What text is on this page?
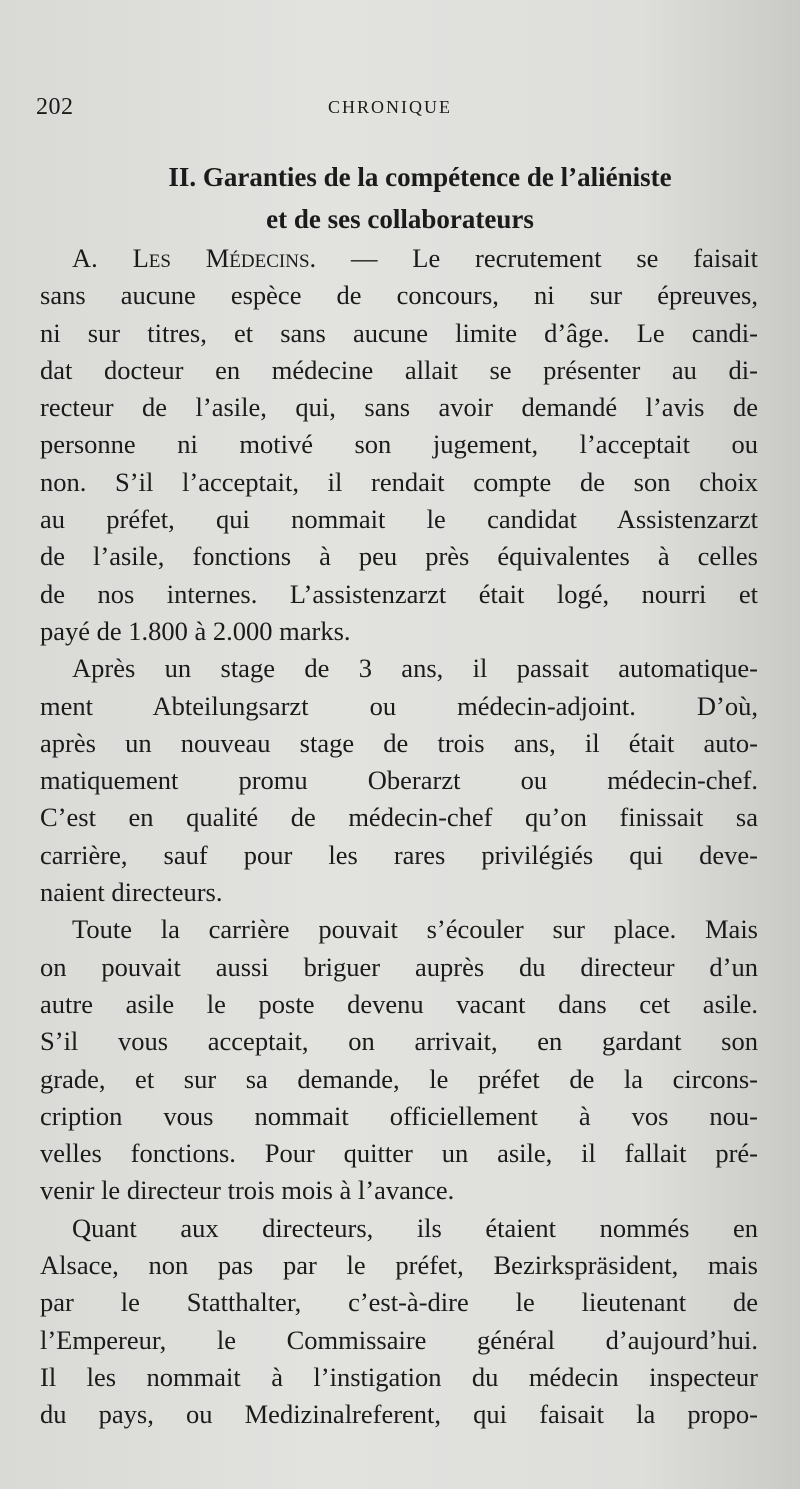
202	CHRONIQUE
II. Garanties de la compétence de l’aliéniste
et de ses collaborateurs
A. Les Médecins. — Le recrutement se faisait
sans aucune espèce de concours, ni sur épreuves,
ni sur titres, et sans aucune limite d’âge. Le candi-
dat docteur en médecine allait se présenter au di-
recteur de l’asile, qui, sans avoir demandé l’avis de
personne ni motivé son jugement, l’acceptait ou
non. S’il l’acceptait, il rendait compte de son choix
au préfet, qui nommait le candidat Assistenzarzt
de l’asile, fonctions à peu près équivalentes à celles
de nos internes. L’assistenzarzt était logé, nourri et
payé de 1.800 à 2.000 marks.
Après un stage de 3 ans, il passait automatique-
ment Abteilungsarzt ou médecin-adjoint. D’où,
après un nouveau stage de trois ans, il était auto-
matiquement promu Oberarzt ou médecin-chef.
C’est en qualité de médecin-chef qu’on finissait sa
carrière, sauf pour les rares privilégiés qui deve-
naient directeurs.
Toute la carrière pouvait s’écouler sur place. Mais
on pouvait aussi briguer auprès du directeur d’un
autre asile le poste devenu vacant dans cet asile.
S’il vous acceptait, on arrivait, en gardant son
grade, et sur sa demande, le préfet de la circons-
cription vous nommait officiellement à vos nou-
velles fonctions. Pour quitter un asile, il fallait pré-
venir le directeur trois mois à l’avance.
Quant aux directeurs, ils étaient nommés en
Alsace, non pas par le préfet, Bezirkspräsident, mais
par le Statthalter, c’est-à-dire le lieutenant de
l’Empereur, le Commissaire général d’aujourd’hui.
Il les nommait à l’instigation du médecin inspecteur
du pays, ou Medizinalreferent, qui faisait la propo-
